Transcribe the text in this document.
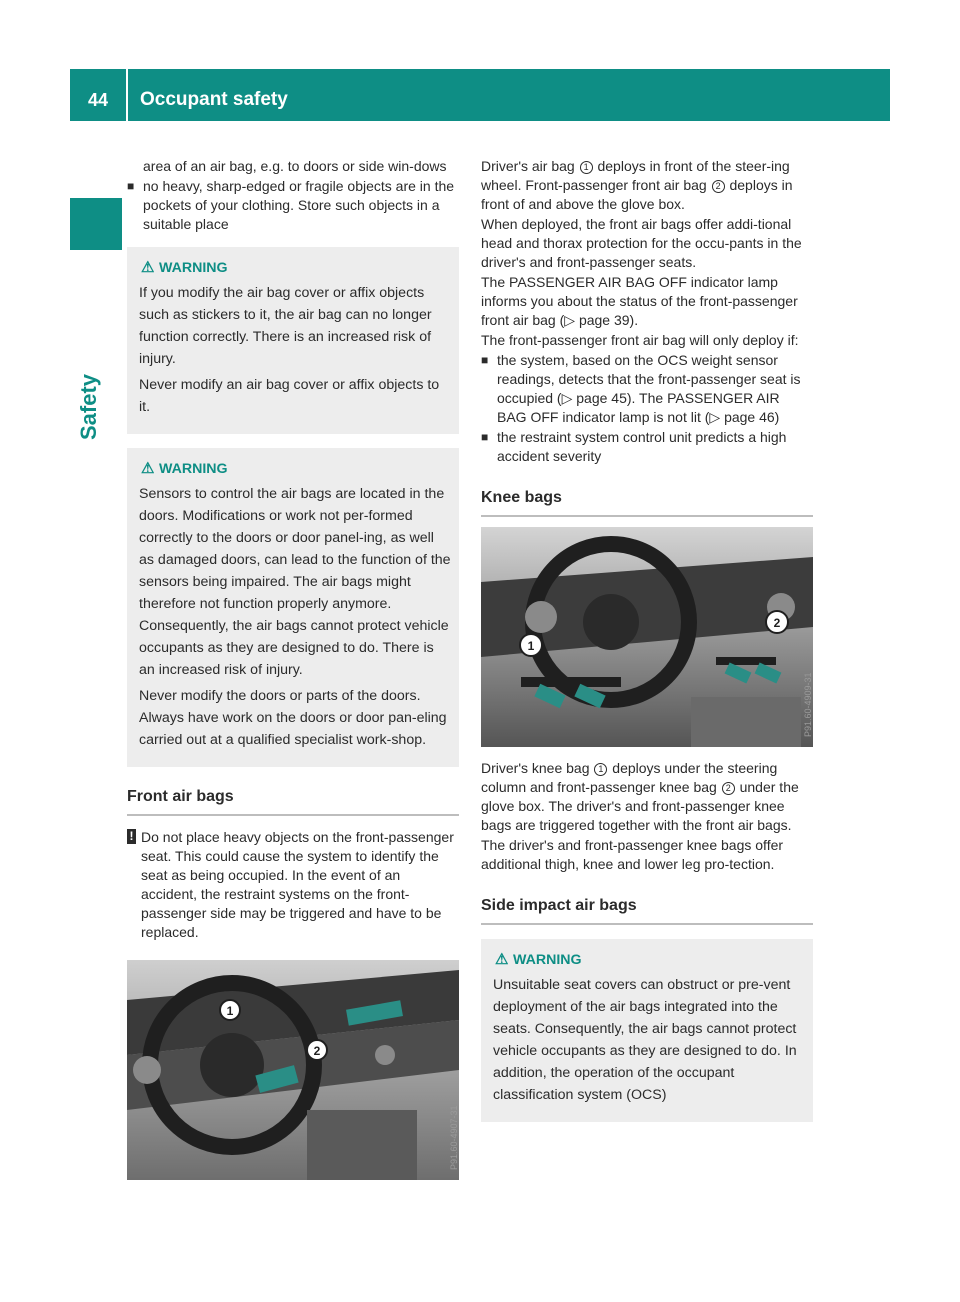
44	Occupant safety
Safety

area of an air bag, e.g. to doors or side win-dows

■ no heavy, sharp-edged or fragile objects are in the pockets of your clothing. Store such objects in a suitable place
⚠ WARNING

If you modify the air bag cover or affix objects such as stickers to it, the air bag can no longer function correctly. There is an increased risk of injury.

Never modify an air bag cover or affix objects to it.

⚠ WARNING

Sensors to control the air bags are located in the doors. Modifications or work not per-formed correctly to the doors or door panel-ing, as well as damaged doors, can lead to the function of the sensors being impaired. The air bags might therefore not function properly anymore. Consequently, the air bags cannot protect vehicle occupants as they are designed to do. There is an increased risk of injury.

Never modify the doors or parts of the doors. Always have work on the doors or door pan-eling carried out at a qualified specialist work-shop.

Front air bags
! Do not place heavy objects on the front-passenger seat. This could cause the system to identify the seat as being occupied. In the event of an accident, the restraint systems on the front-passenger side may be triggered and have to be replaced.
1
2
P91.60-4907-31

Driver's air bag 1 deploys in front of the steer-ing wheel. Front-passenger front air bag 2 deploys in front of and above the glove box.

When deployed, the front air bags offer addi-tional head and thorax protection for the occu-pants in the driver's and front-passenger seats.

The PASSENGER AIR BAG OFF indicator lamp informs you about the status of the front-passenger front air bag (▷ page 39).

The front-passenger front air bag will only deploy if:

■ the system, based on the OCS weight sensor readings, detects that the front-passenger seat is occupied (▷ page 45). The PASSENGER AIR BAG OFF indicator lamp is not lit (▷ page 46)
■ the restraint system control unit predicts a high accident severity
Knee bags
1
2
P91.60-4909-31

Driver's knee bag 1 deploys under the steering column and front-passenger knee bag 2 under the glove box. The driver's and front-passenger knee bags are triggered together with the front air bags.

The driver's and front-passenger knee bags offer additional thigh, knee and lower leg pro-tection.

Side impact air bags
⚠ WARNING

Unsuitable seat covers can obstruct or pre-vent deployment of the air bags integrated into the seats. Consequently, the air bags cannot protect vehicle occupants as they are designed to do. In addition, the operation of the occupant classification system (OCS)
